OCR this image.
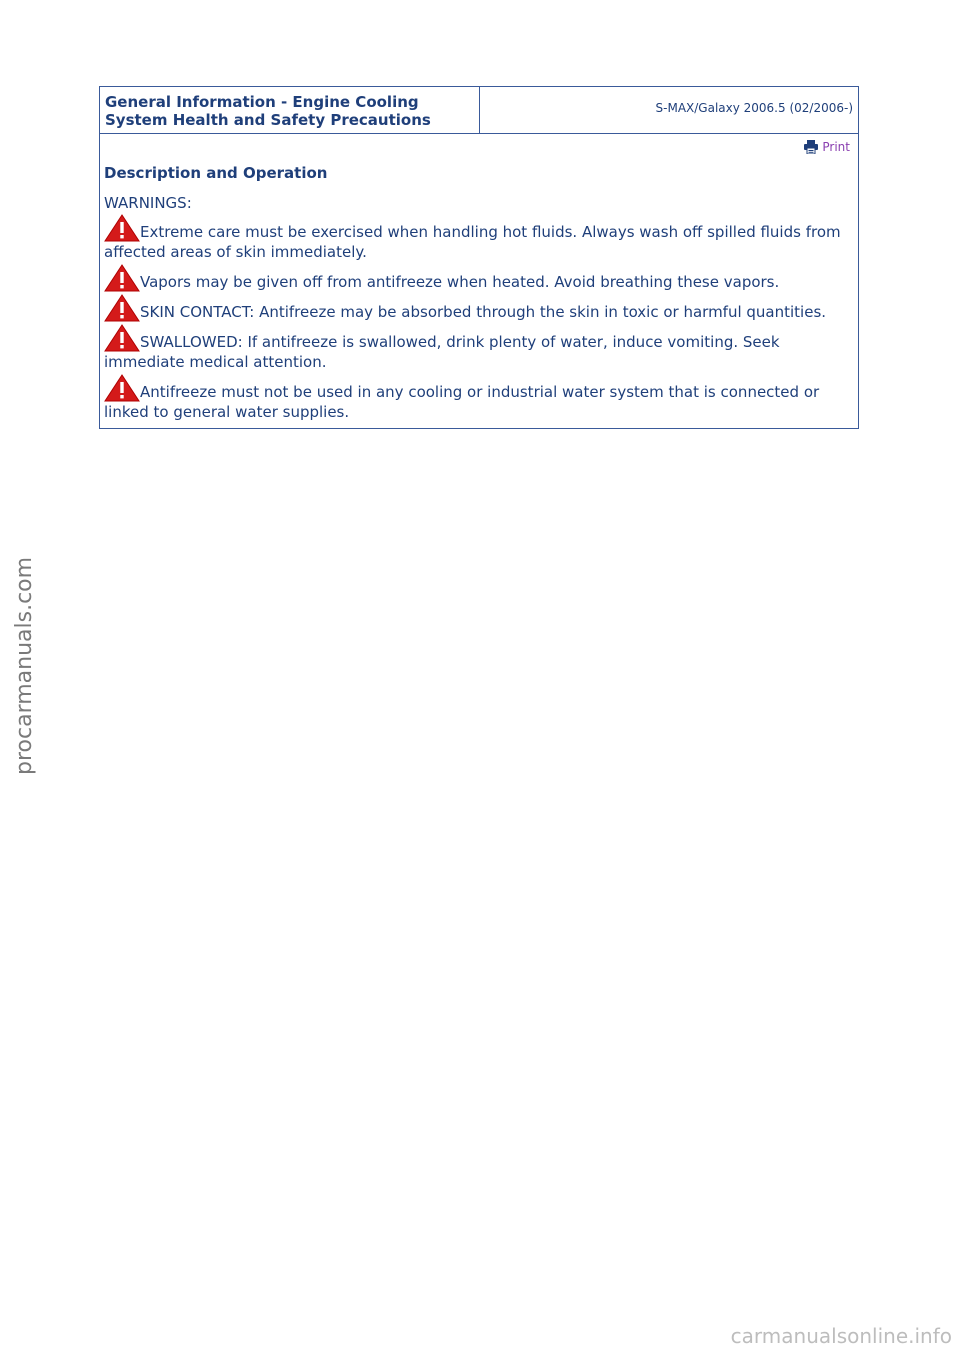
General Information - Engine Cooling
System Health and Safety Precautions
S-MAX/Galaxy 2006.5 (02/2006-)
Print

Description and Operation

WARNINGS:

Extreme care must be exercised when handling hot fluids. Always wash off spilled fluids from affected areas of skin immediately.
Vapors may be given off from antifreeze when heated. Avoid breathing these vapors.
SKIN CONTACT: Antifreeze may be absorbed through the skin in toxic or harmful quantities.
SWALLOWED: If antifreeze is swallowed, drink plenty of water, induce vomiting. Seek immediate medical attention.
Antifreeze must not be used in any cooling or industrial water system that is connected or linked to general water supplies.
procarmanuals.com
carmanualsonline.info
